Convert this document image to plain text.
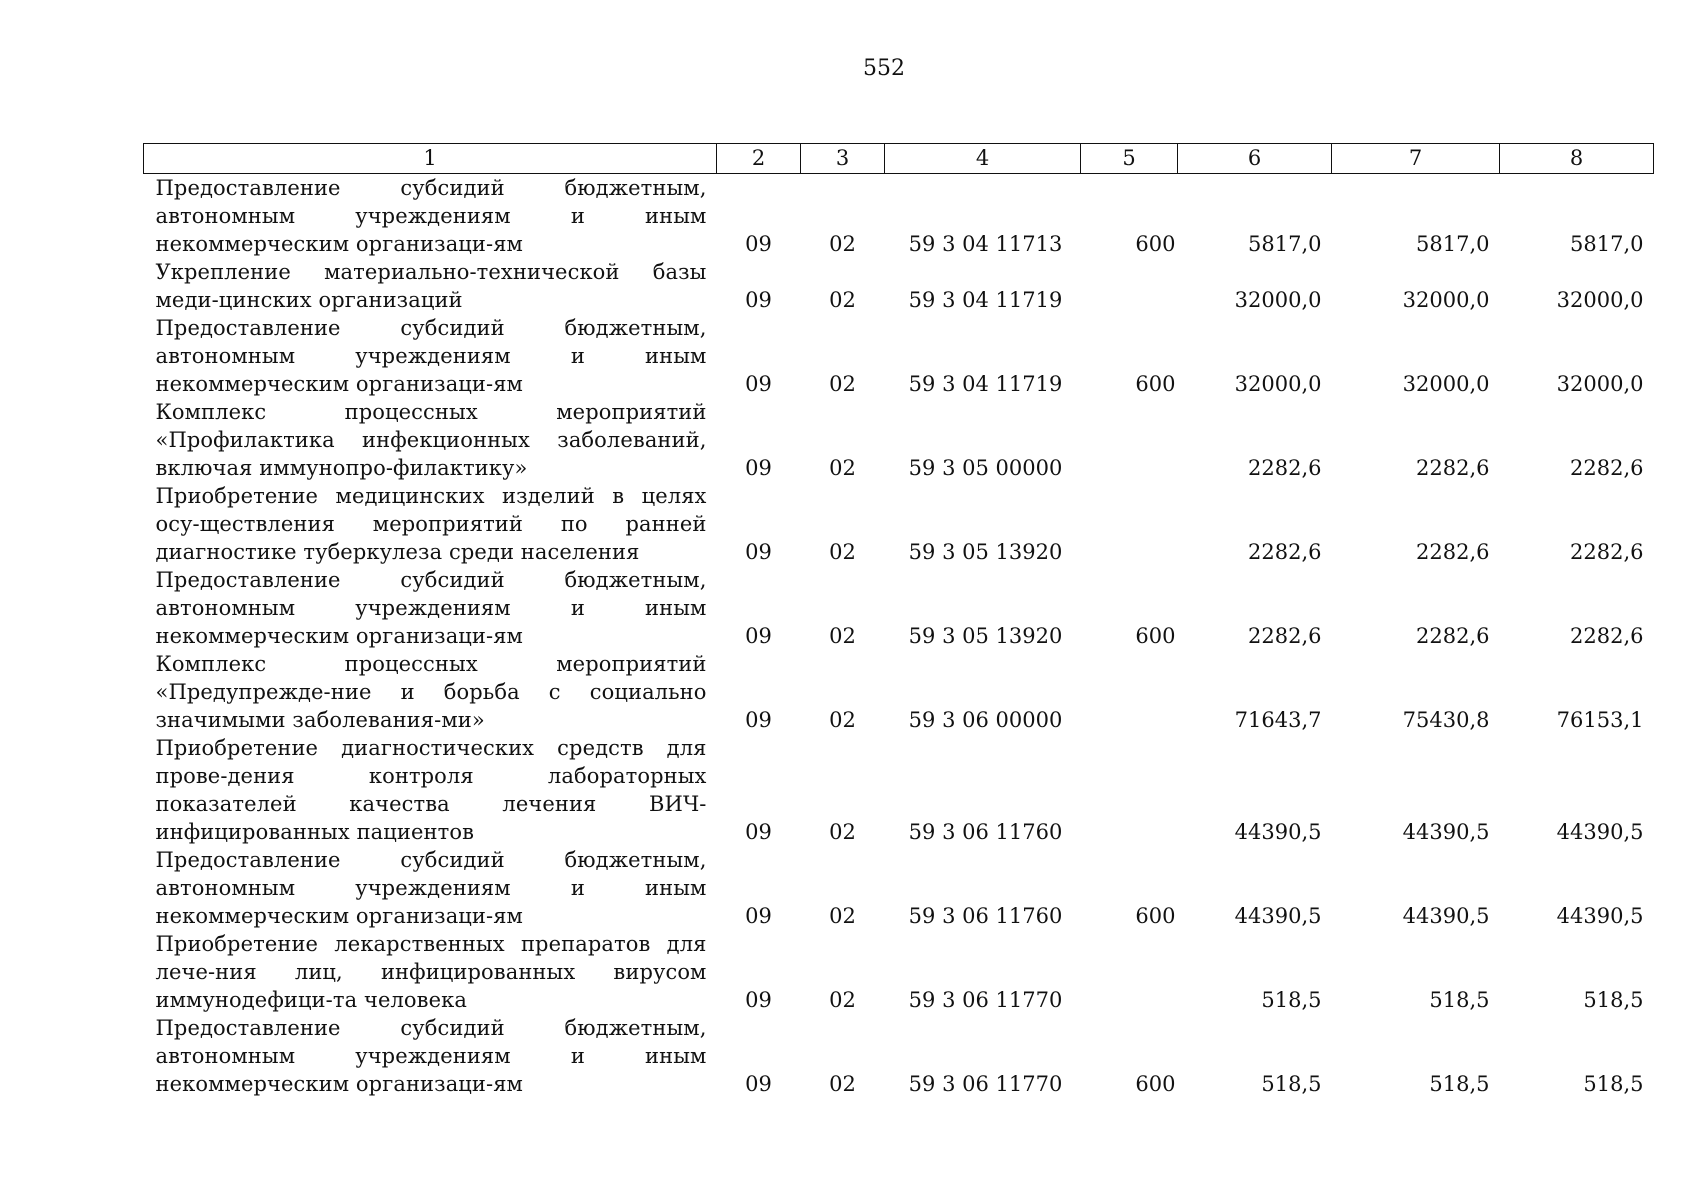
552
1	2	3	4	5	6	7	8
Предоставление субсидий бюджетным, автономным учреждениям и иным некоммерческим организаци-ям	09	02	59 3 04 11713	600	5817,0	5817,0	5817,0
Укрепление материально-технической базы меди-цинских организаций	09	02	59 3 04 11719		32000,0	32000,0	32000,0
Предоставление субсидий бюджетным, автономным учреждениям и иным некоммерческим организаци-ям	09	02	59 3 04 11719	600	32000,0	32000,0	32000,0
Комплекс процессных мероприятий «Профилактика инфекционных заболеваний, включая иммунопро-филактику»	09	02	59 3 05 00000		2282,6	2282,6	2282,6
Приобретение медицинских изделий в целях осу-ществления мероприятий по ранней диагностике туберкулеза среди населения	09	02	59 3 05 13920		2282,6	2282,6	2282,6
Предоставление субсидий бюджетным, автономным учреждениям и иным некоммерческим организаци-ям	09	02	59 3 05 13920	600	2282,6	2282,6	2282,6
Комплекс процессных мероприятий «Предупрежде-ние и борьба с социально значимыми заболевания-ми»	09	02	59 3 06 00000		71643,7	75430,8	76153,1
Приобретение диагностических средств для прове-дения контроля лабораторных показателей качества лечения ВИЧ-инфицированных пациентов	09	02	59 3 06 11760		44390,5	44390,5	44390,5
Предоставление субсидий бюджетным, автономным учреждениям и иным некоммерческим организаци-ям	09	02	59 3 06 11760	600	44390,5	44390,5	44390,5
Приобретение лекарственных препаратов для лече-ния лиц, инфицированных вирусом иммунодефици-та человека	09	02	59 3 06 11770		518,5	518,5	518,5
Предоставление субсидий бюджетным, автономным учреждениям и иным некоммерческим организаци-ям	09	02	59 3 06 11770	600	518,5	518,5	518,5
